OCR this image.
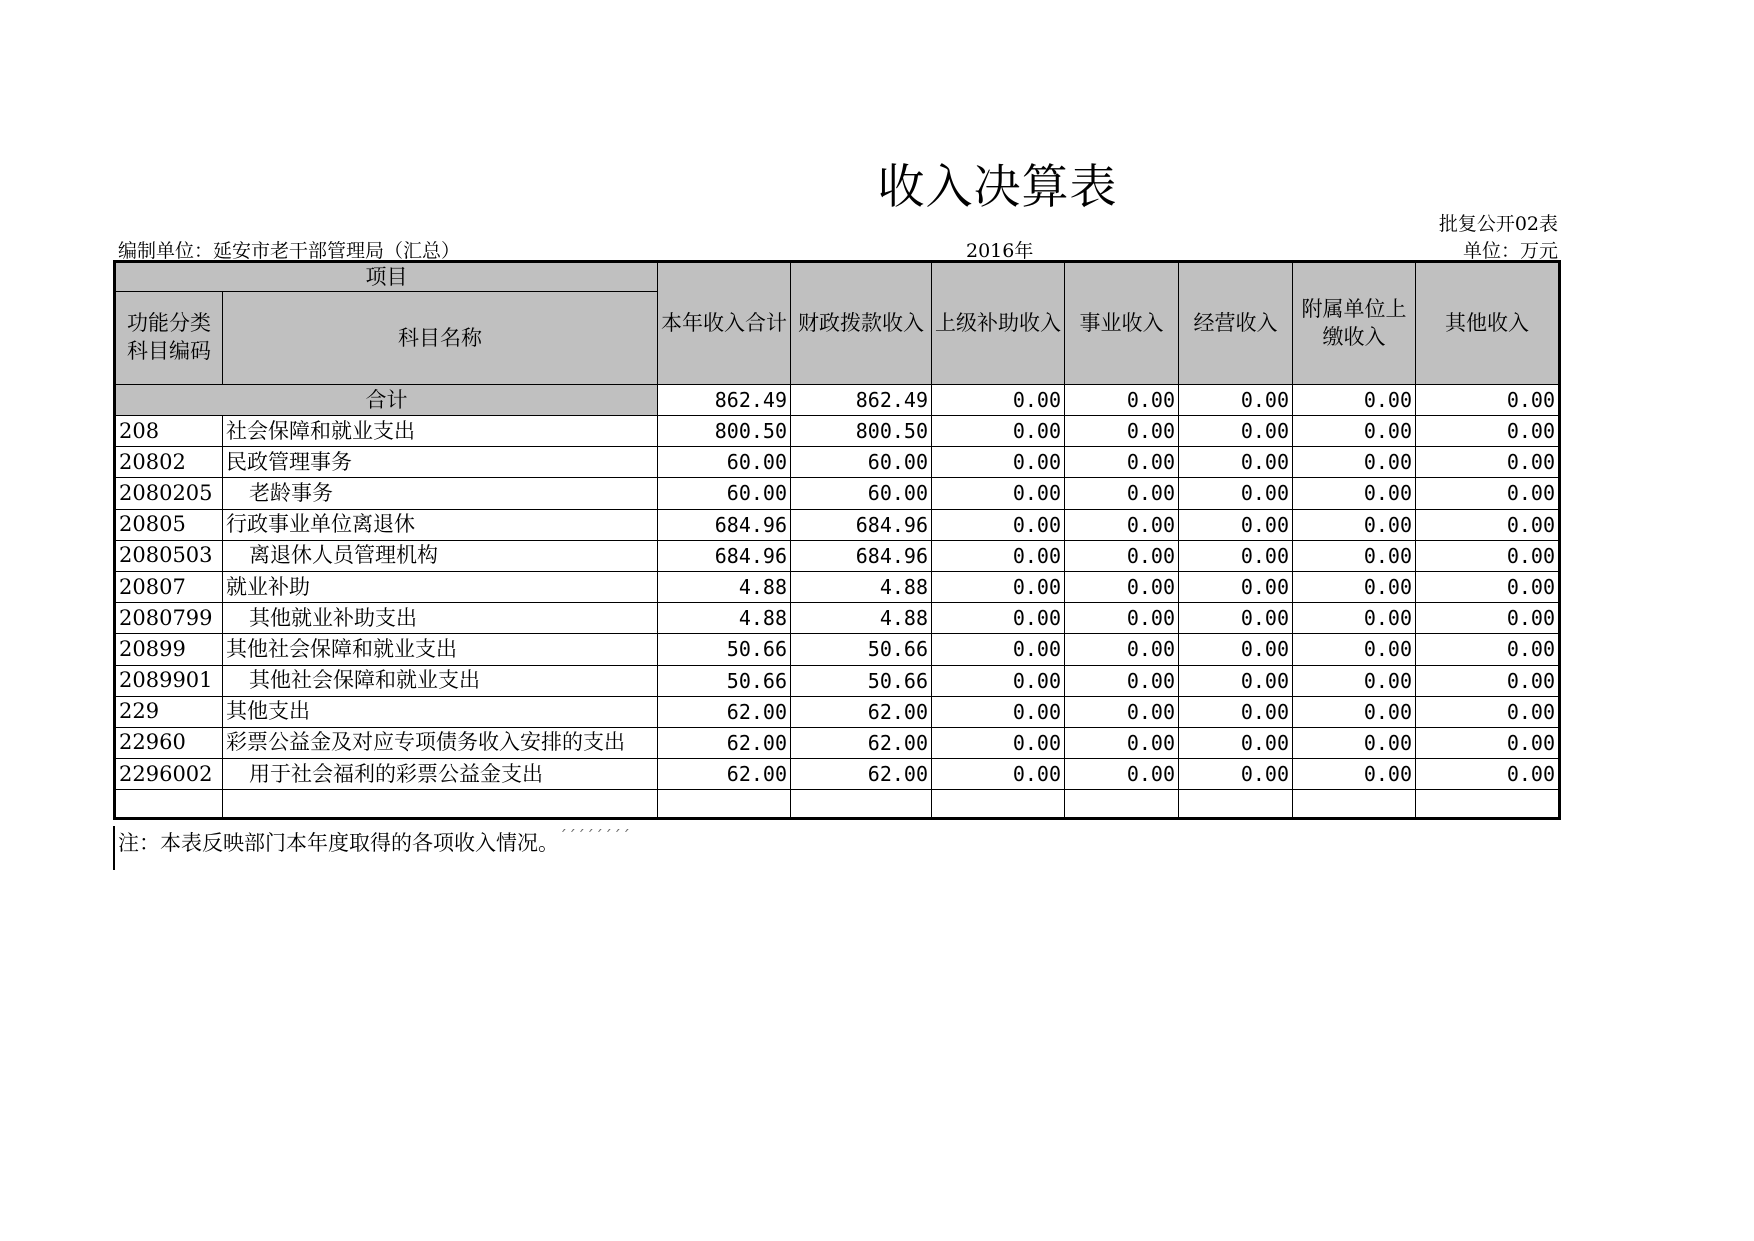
收入决算表
批复公开02表
编制单位：延安市老干部管理局（汇总）	2016年	单位：万元
项目		本年收入合计	财政拨款收入	上级补助收入	事业收入	经营收入	附属单位上缴收入	其他收入
功能分类科目编码	科目名称							
合计		862.49	862.49	0.00	0.00	0.00	0.00	0.00
208	社会保障和就业支出	800.50	800.50	0.00	0.00	0.00	0.00	0.00
20802	民政管理事务	60.00	60.00	0.00	0.00	0.00	0.00	0.00
2080205	老龄事务	60.00	60.00	0.00	0.00	0.00	0.00	0.00
20805	行政事业单位离退休	684.96	684.96	0.00	0.00	0.00	0.00	0.00
2080503	离退休人员管理机构	684.96	684.96	0.00	0.00	0.00	0.00	0.00
20807	就业补助	4.88	4.88	0.00	0.00	0.00	0.00	0.00
2080799	其他就业补助支出	4.88	4.88	0.00	0.00	0.00	0.00	0.00
20899	其他社会保障和就业支出	50.66	50.66	0.00	0.00	0.00	0.00	0.00
2089901	其他社会保障和就业支出	50.66	50.66	0.00	0.00	0.00	0.00	0.00
229	其他支出	62.00	62.00	0.00	0.00	0.00	0.00	0.00
22960	彩票公益金及对应专项债务收入安排的支出	62.00	62.00	0.00	0.00	0.00	0.00	0.00
2296002	用于社会福利的彩票公益金支出	62.00	62.00	0.00	0.00	0.00	0.00	0.00

注：本表反映部门本年度取得的各项收入情况。´´´´´´´´
